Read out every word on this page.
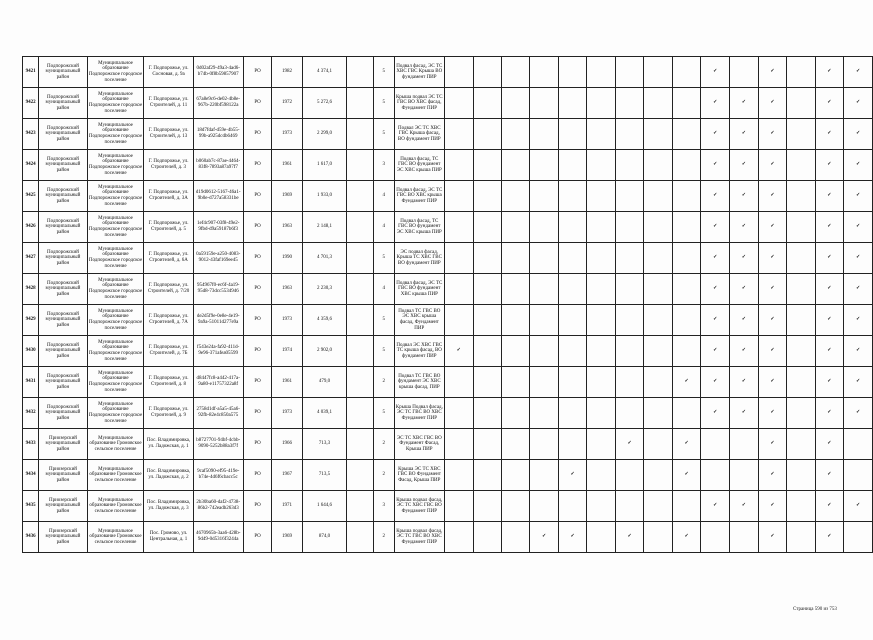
9421	Подпорожский муниципальный район	Муниципальное образование Подпорожское городское поселение	Г. Подпорожье, ул. Сосновая, д. 9а	0d02af29-49a3-4ad6-b74b-0f8b59857907	РО	1982	4 374,1		5	Подвал фасад, ЭС ТС ХВС ГВС Крыша ВО фундамент ПИР										✓		✓		✓	✓
9422	Подпорожский муниципальный район	Муниципальное образование Подпорожское городское поселение	Г. Подпорожье, ул. Строителей, д. 11	67a8e9c6-de02-4b8e-967b-220bf598122a	РО	1972	5 272,6		5	Крыша подвал ЭС ТС ГВС ВО ХВС фасад, Фундамент ПИР										✓	✓	✓		✓	✓
9423	Подпорожский муниципальный район	Муниципальное образование Подпорожское городское поселение	Г. Подпорожье, ул. Строителей, д. 13	18d7fdaf-d59e-4b55-99b-a925dcdb6469	РО	1973	2 299,0		5	Подвал ЭС ТС ХВС ГВС Крыша фасад, ВО фундамент ПИР										✓	✓	✓		✓	✓
9424	Подпорожский муниципальный район	Муниципальное образование Подпорожское городское поселение	Г. Подпорожье, ул. Строителей, д. 3	b060ab7c-87ae-4464-83f8-7893a87a97f7	РО	1961	1 617,0		3	Подвал фасад, ТС ГВС ВО фундамент ЭС ХВС крыша ПИР										✓	✓	✓		✓	✓
9425	Подпорожский муниципальный район	Муниципальное образование Подпорожское городское поселение	Г. Подпорожье, ул. Строителей, д. 3А	d19d0612-5167-46a1-9b0e-d727a58331be	РО	1969	1 933,0		4	Подвал фасад, ЭС ТС ГВС ВО ХВС крыша Фундамент ПИР										✓	✓	✓		✓	✓
9426	Подпорожский муниципальный район	Муниципальное образование Подпорожское городское поселение	Г. Подпорожье, ул. Строителей, д. 5	1ef4c907-03f8-49e2-9fbd-d9a59187b6f3	РО	1963	2 148,1		4	Подвал фасад, ТС ГВС ВО фундамент ЭС ХВС крыша ПИР										✓	✓	✓		✓	✓
9427	Подпорожский муниципальный район	Муниципальное образование Подпорожское городское поселение	Г. Подпорожье, ул. Строителей, д. 6А	0a59159e-a250-4083-9012-43faf169ee45	РО	1990	4 701,3		5	ЭС подвал фасад, Крыша ТС ХВС ГВС ВО фундамент ПИР										✓	✓	✓		✓	✓
9428	Подпорожский муниципальный район	Муниципальное образование Подпорожское городское поселение	Г. Подпорожье, ул. Строителей, д. 7/20	954967f0-ec6f-4a19-95d8-73dcc5534946	РО	1963	2 230,3		4	Подвал фасад, ЭС ТС ГВС ВО фундамент ХВС крыша ПИР										✓	✓	✓		✓	✓
9429	Подпорожский муниципальный район	Муниципальное образование Подпорожское городское поселение	Г. Подпорожье, ул. Строителей, д. 7А	de2d5f9e-0e8e-4e19-9a9a-51011d277e9a	РО	1973	4 359,6		5	Подвал ТС ГВС ВО ЭС ХВС крыша фасад, Фундамент ПИР										✓	✓	✓		✓	✓
9430	Подпорожский муниципальный район	Муниципальное образование Подпорожское городское поселение	Г. Подпорожье, ул. Строителей, д. 7Б	f543e24a-fa92-411d-9e96-371afea05599	РО	1974	2 902,0		5	Подвал ЭС ХВС ГВС ТС крыша фасад, ВО фундамент ПИР	✓									✓	✓	✓		✓	✓
9431	Подпорожский муниципальный район	Муниципальное образование Подпорожское городское поселение	Г. Подпорожье, ул. Строителей, д. 8	d8447fc8-a442-417a-9a80-e11757322a8f	РО	1961	479,0		2	Подвал ТС ГВС ВО фундамент ЭС ХВС крыша фасад, ПИР									✓	✓	✓	✓		✓	✓
9432	Подпорожский муниципальный район	Муниципальное образование Подпорожское городское поселение	Г. Подпорожье, ул. Строителей, д. 9	2758d1df-a5a5-45a6-92fb-82e4c850a575	РО	1973	4 039,1		5	Крыша Подвал фасад, ЭС ТС ГВС ВО ХВС Фундамент ПИР										✓	✓	✓		✓	✓
9433	Приозерский муниципальный район	Муниципальное образование Громовское сельское поселение	Пос. Владимировка, ул. Ладожская, д. 1	b8727701-94bf-4cbb-9090-5252b88a3f7f	РО	1966	713,3		2	ЭС ТС ХВС ГВС ВО Фундамент Фасад, Крыша ПИР							✓		✓			✓		✓	
9434	Приозерский муниципальный район	Муниципальное образование Громовское сельское поселение	Пос. Владимировка, ул. Ладожская, д. 2	9caf5090-ef95-419e-b74e-4d6f6cbacc5c	РО	1967	713,5		2	Крыша ЭС ТС ХВС ГВС ВО Фундамент Фасад, Крыша ПИР					✓				✓			✓		✓	
9435	Приозерский муниципальный район	Муниципальное образование Громовское сельское поселение	Пос. Владимировка, ул. Ладожская, д. 3	2b30ba60-daf2-4738-86b2-742eadb263d3	РО	1971	1 644,6		3	Крыша подвал фасад, ЭС ТС ХВС ГВС ВО Фундамент ПИР										✓	✓	✓		✓	✓
9436	Приозерский муниципальный район	Муниципальное образование Громовское сельское поселение	Пос. Громово, ул. Центральная, д. 1	4670965b-3aa6-428b-9d49-0d5316f3244a	РО	1969	874,0		2	Крыша подвал фасад, ЭС ТС ГВС ВО ХВС Фундамент ПИР				✓	✓		✓		✓			✓		✓	
Страница 590 из 753
